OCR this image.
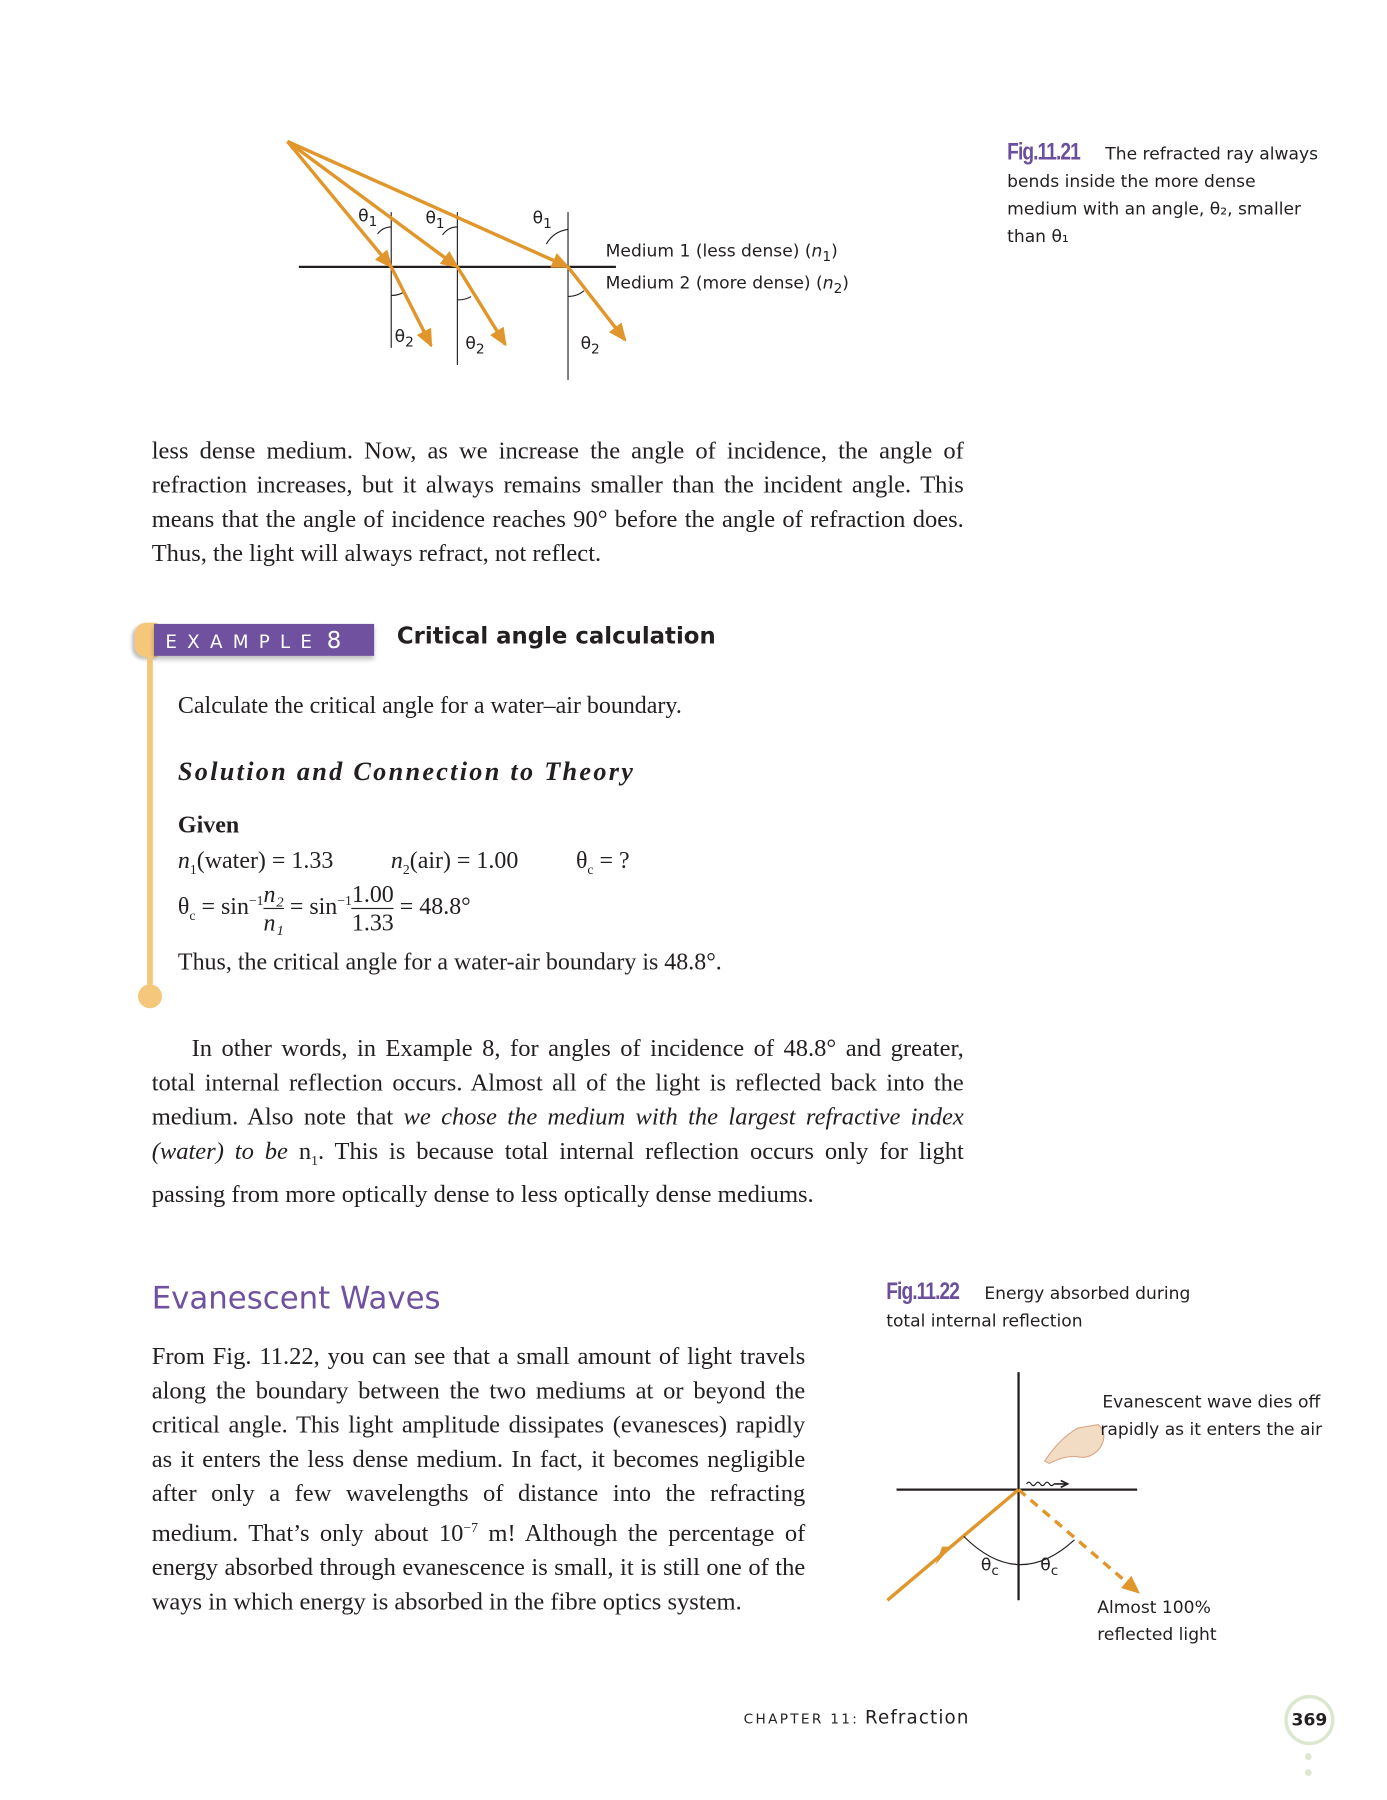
$\theta_1$	$\theta_1$	$\theta_1$
$\theta_2$	$\theta_2$	$\theta_2$
Medium 1 (less dense) $(n_1)$
Medium 2 (more dense) $(n_2)$
Fig.11.21 The refracted ray always bends inside the more dense medium with an angle, θ₂, smaller than θ₁
less dense medium. Now, as we increase the angle of incidence, the angle of refraction increases, but it always remains smaller than the incident angle. This means that the angle of incidence reaches 90° before the angle of refraction does. Thus, the light will always refract, not reflect.
EXAMPLE 8	Critical angle calculation
Calculate the critical angle for a water–air boundary.
Solution and Connection to Theory
Given
$n_1(water) = 1.33$	$n_2(air) = 1.00$	$\theta_c$ = ?
$\theta_c = \sin^{-1} \frac{\text{n₂}}{\text{n₁}} = \sin^{-1} \frac{1.00}{1.33} = 48.8^\circ$
Thus, the critical angle for a water-air boundary is 48.8°.
In other words, in Example 8, for angles of incidence of 48.8° and greater, total internal reflection occurs. Almost all of the light is reflected back into the medium. Also note that we chose the medium with the largest refractive index (water) to be $n_1$. This is because total internal reflection occurs only for light passing from more optically dense to less optically dense mediums.
Evanescent Waves
From Fig. 11.22, you can see that a small amount of light travels along the boundary between the two mediums at or beyond the critical angle. This light amplitude dissipates (evanesces) rapidly as it enters the less dense medium. In fact, it becomes negligible after only a few wavelengths of distance into the refracting medium. That’s only about $10^{-7}$ m! Although the percentage of energy absorbed through evanescence is small, it is still one of the ways in which energy is absorbed in the fibre optics system.
Fig.11.22 Energy absorbed during total internal reflection
$\theta_c$	$\theta_c$
Evanescent wave dies off rapidly as it enters the air
Almost 100% reflected light
CHAPTER 11: Refraction	369
